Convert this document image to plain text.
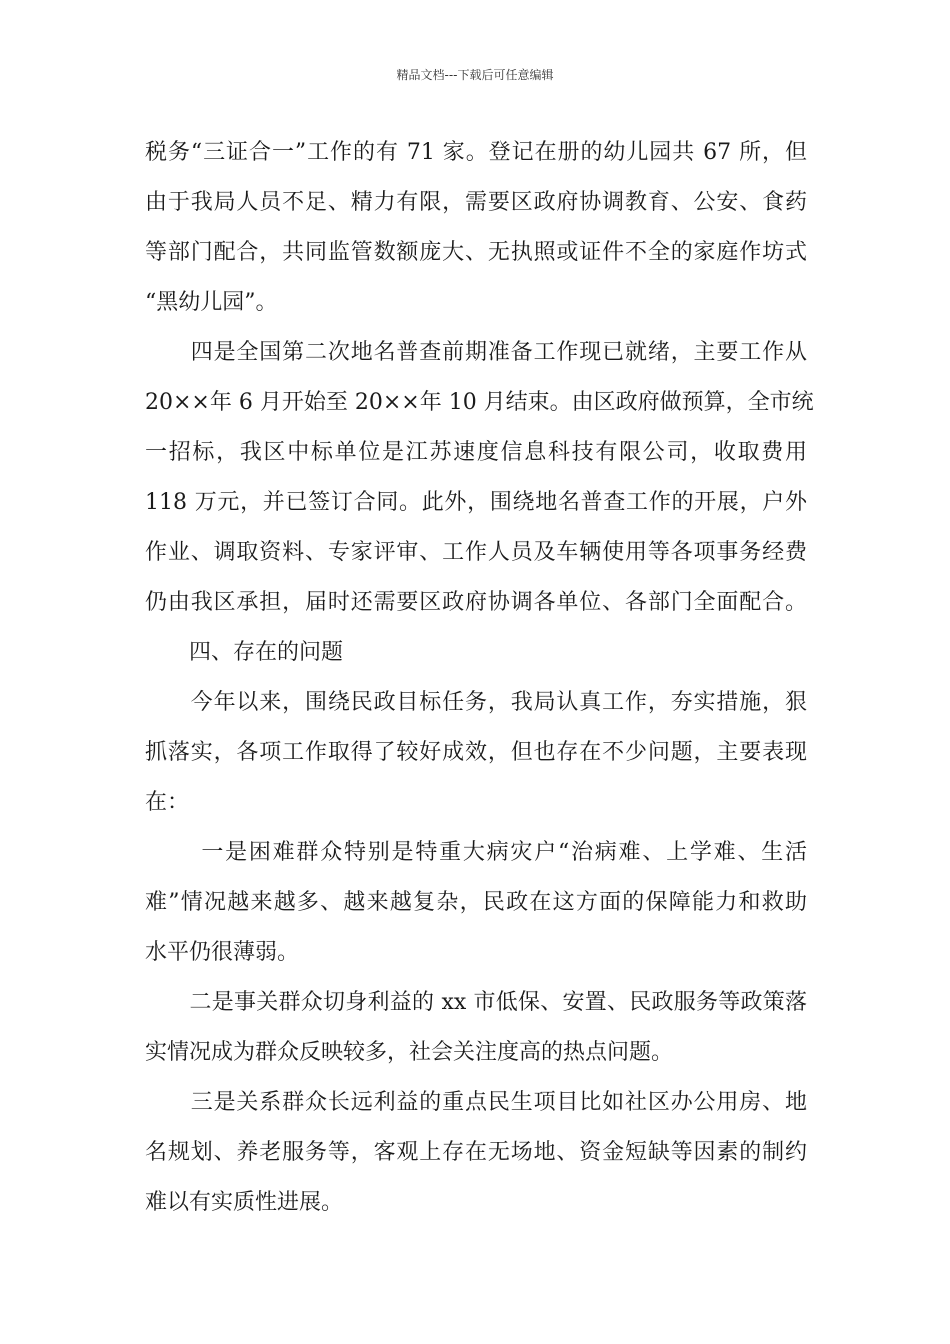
精品文档---下载后可任意编辑
税务“三证合一”工作的有 71 家。登记在册的幼儿园共 67 所，但
由于我局人员不足、精力有限，需要区政府协调教育、公安、食药
等部门配合，共同监管数额庞大、无执照或证件不全的家庭作坊式
“黑幼儿园”。
　　四是全国第二次地名普查前期准备工作现已就绪，主要工作从
20××年 6 月开始至 20××年 10 月结束。由区政府做预算，全市统
一招标，我区中标单位是江苏速度信息科技有限公司，收取费用
118 万元，并已签订合同。此外，围绕地名普查工作的开展，户外
作业、调取资料、专家评审、工作人员及车辆使用等各项事务经费
仍由我区承担，届时还需要区政府协调各单位、各部门全面配合。
　　四、存在的问题
　　今年以来，围绕民政目标任务，我局认真工作，夯实措施，狠
抓落实，各项工作取得了较好成效，但也存在不少问题，主要表现
在：
　　 一是困难群众特别是特重大病灾户“治病难、上学难、生活
难”情况越来越多、越来越复杂，民政在这方面的保障能力和救助
水平仍很薄弱。
　　二是事关群众切身利益的 xx 市低保、安置、民政服务等政策落
实情况成为群众反映较多，社会关注度高的热点问题。
　　三是关系群众长远利益的重点民生项目比如社区办公用房、地
名规划、养老服务等，客观上存在无场地、资金短缺等因素的制约
难以有实质性进展。
